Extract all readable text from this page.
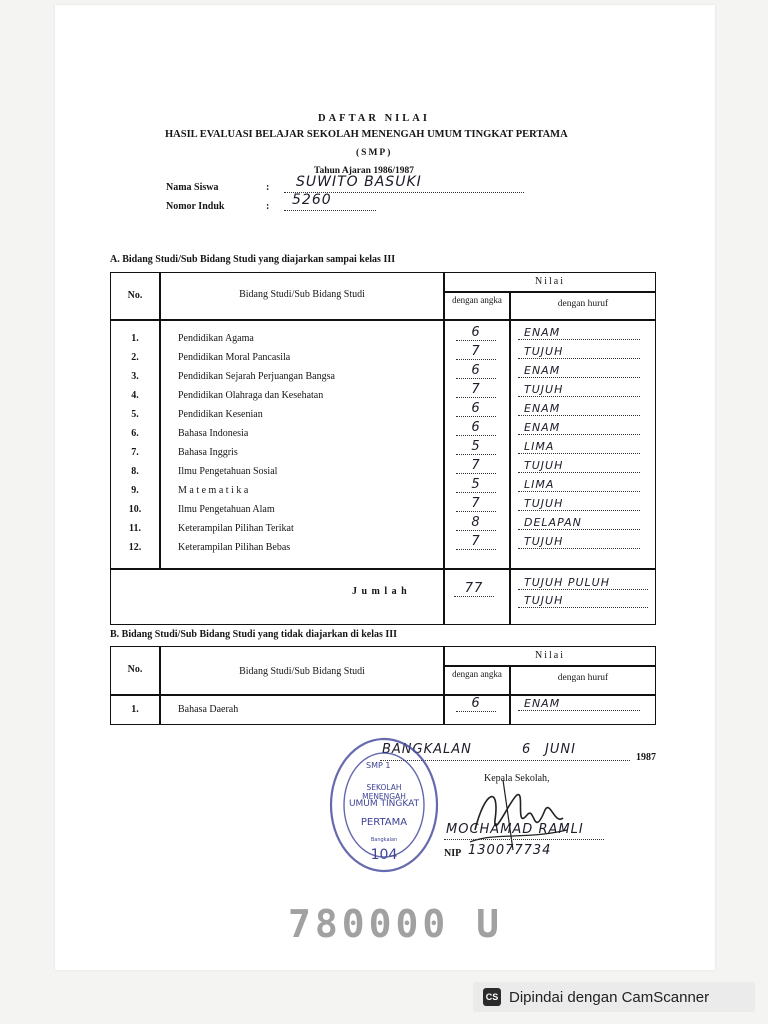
DAFTAR NILAI
HASIL EVALUASI BELAJAR SEKOLAH MENENGAH UMUM TINGKAT PERTAMA
(SMP)
Tahun Ajaran 1986/1987
Nama Siswa	: SUWITO BASUKI
Nomor Induk	: 5260
A. Bidang Studi/Sub Bidang Studi yang diajarkan sampai kelas III
No.	Bidang Studi/Sub Bidang Studi
Nilai
dengan angka	dengan huruf
1.	Pendidikan Agama	6	ENAM
2.	Pendidikan Moral Pancasila	7	TUJUH
3.	Pendidikan Sejarah Perjuangan Bangsa	6	ENAM
4.	Pendidikan Olahraga dan Kesehatan	7	TUJUH
5.	Pendidikan Kesenian	6	ENAM
6.	Bahasa Indonesia	6	ENAM
7.	Bahasa Inggris	5	LIMA
8.	Ilmu Pengetahuan Sosial	7	TUJUH
9.	M a t e m a t i k a	5	LIMA
10.	Ilmu Pengetahuan Alam	7	TUJUH
11.	Keterampilan Pilihan Terikat	8	DELAPAN
12.	Keterampilan Pilihan Bebas	7	TUJUH
J u m l a h	77	TUJUH PULUH
TUJUH
B. Bidang Studi/Sub Bidang Studi yang tidak diajarkan di kelas III
No.	Bidang Studi/Sub Bidang Studi
Nilai
dengan angka	dengan huruf
1.	Bahasa Daerah	6	ENAM
BANGKALAN	6 JUNI
1987
Kepala Sekolah,
MOCHAMAD RAMLI
NIP 130077734
SMP 1
SEKOLAH MENENGAH
UMUM TINGKAT
PERTAMA
Bangkalan
104
780000 U
CS Dipindai dengan CamScanner
